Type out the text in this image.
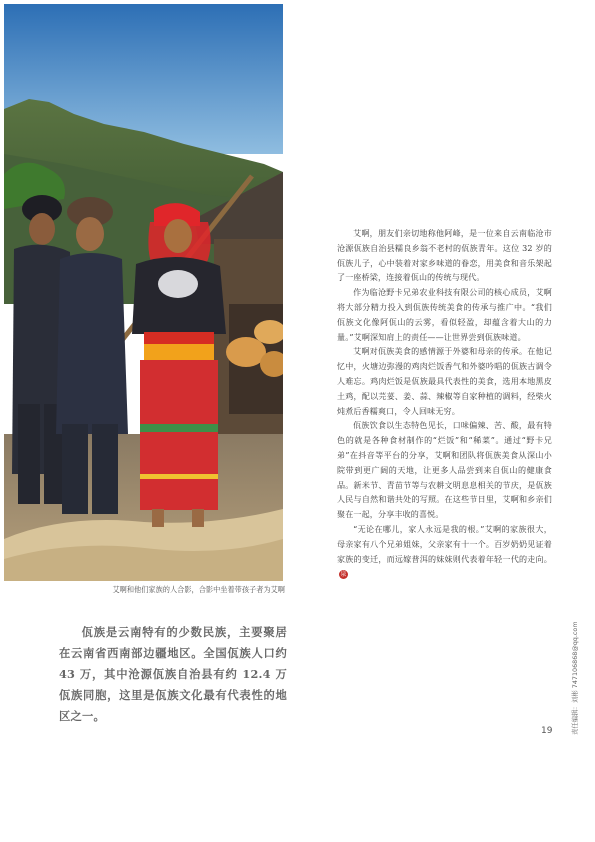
艾啊和他们家族的人合影，合影中坐着带孩子者为艾啊

佤族是云南特有的少数民族，主要聚居在云南省西南部边疆地区。全国佤族人口约 43 万，其中沧源佤族自治县有约 12.4 万佤族同胞，这里是佤族文化最有代表性的地区之一。

艾啊，朋友们亲切地称他阿峰，是一位来自云南临沧市沧源佤族自治县糯良乡翁不老村的佤族青年。这位 32 岁的佤族儿子，心中装着对家乡味道的眷恋，用美食和音乐架起了一座桥梁，连接着佤山的传统与现代。

作为临沧野卡兄弟农业科技有限公司的核心成员，艾啊将大部分精力投入到佤族传统美食的传承与推广中。“我们佤族文化像阿佤山的云雾，看似轻盈，却蕴含着大山的力量。”艾啊深知肩上的责任——让世界尝到佤族味道。

艾啊对佤族美食的感情源于外婆和母亲的传承。在他记忆中，火塘边弥漫的鸡肉烂饭香气和外婆吟唱的佤族古调令人难忘。鸡肉烂饭是佤族最具代表性的美食，选用本地黑皮土鸡，配以芫荽、姜、蒜、辣椒等自家种植的调料，经柴火炖煮后香糯爽口，令人回味无穷。

佤族饮食以生态特色见长，口味偏辣、苦、酸，最有特色的就是各种食材制作的“烂饭”和“稀菜”。通过“野卡兄弟”在抖音等平台的分享，艾啊和团队将佤族美食从深山小院带到更广阔的天地，让更多人品尝到来自佤山的健康食品。新米节、青苗节等与农耕文明息息相关的节庆，是佤族人民与自然和谐共处的写照。在这些节日里，艾啊和乡亲们聚在一起，分享丰收的喜悦。

“无论在哪儿，家人永远是我的根。”艾啊的家族很大，母亲家有八个兄弟姐妹，父亲家有十一个。百岁奶奶见证着家族的变迁，而远嫁普洱的妹妹则代表着年轻一代的走向。泉

19	责任编辑：刘彬 747106868@qq.com
